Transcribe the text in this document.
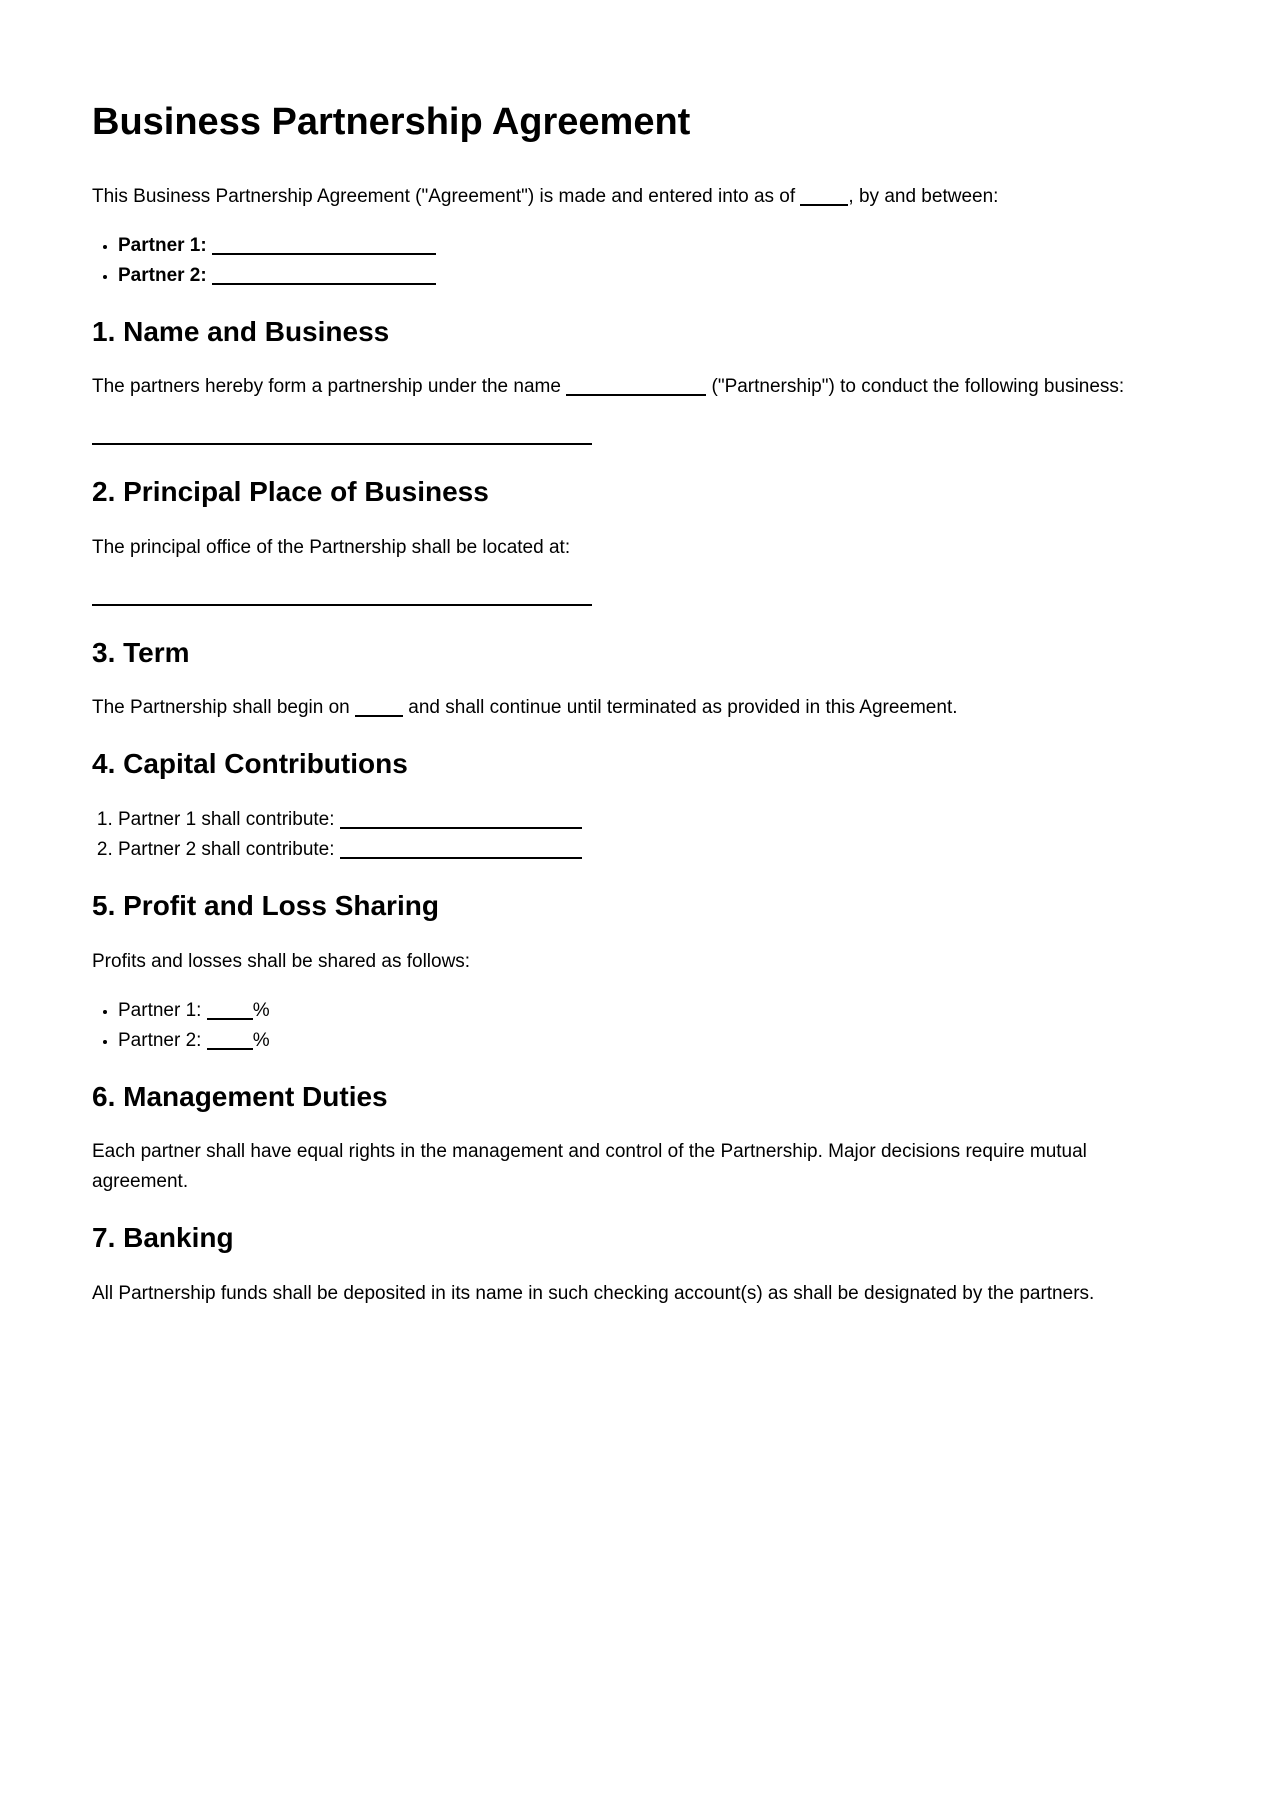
Business Partnership Agreement

This Business Partnership Agreement ("Agreement") is made and entered into as of	, by and between:

• Partner 1:
• Partner 2:
1. Name and Business

The partners hereby form a partnership under the name	("Partnership") to conduct the following business:

2. Principal Place of Business

The principal office of the Partnership shall be located at:

3. Term

The Partnership shall begin on	and shall continue until terminated as provided in this Agreement.

4. Capital Contributions
1. Partner 1 shall contribute:
2. Partner 2 shall contribute:
5. Profit and Loss Sharing

Profits and losses shall be shared as follows:

• Partner 1:	%
• Partner 2:	%
6. Management Duties

Each partner shall have equal rights in the management and control of the Partnership. Major decisions require mutual agreement.

7. Banking

All Partnership funds shall be deposited in its name in such checking account(s) as shall be designated by the partners.
